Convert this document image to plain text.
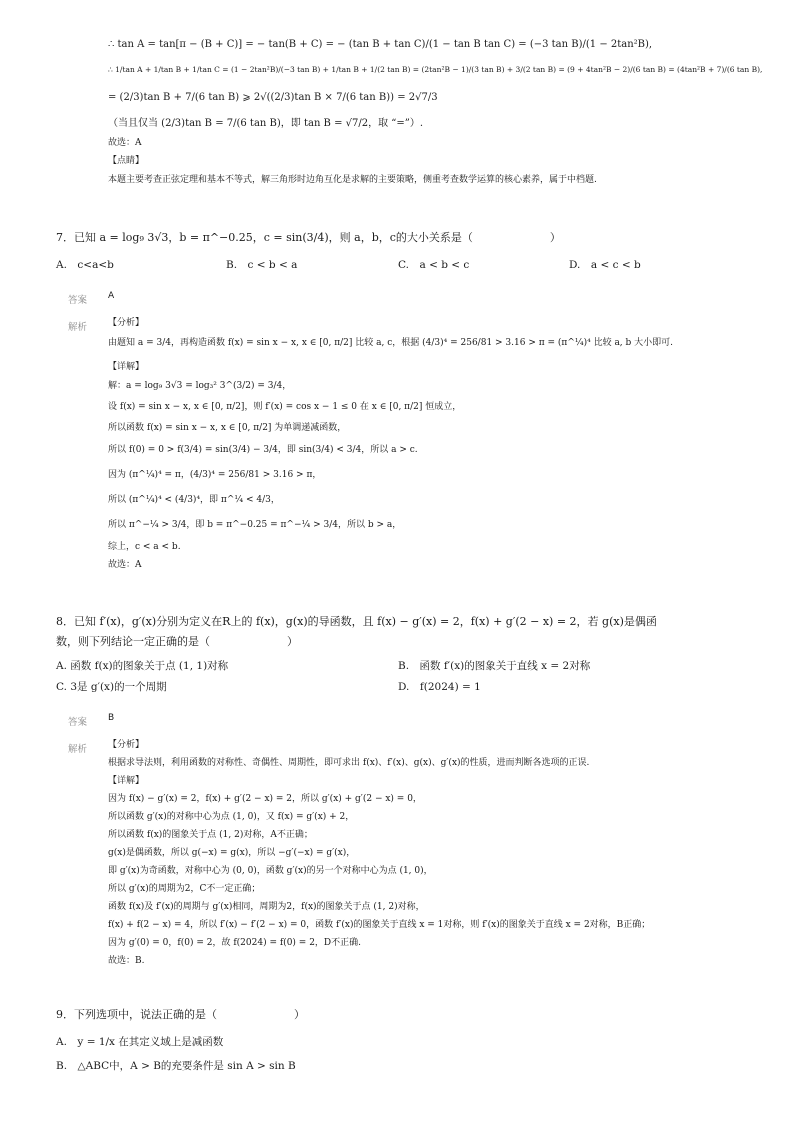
∴ tan A = tan[π − (B + C)] = − tan(B + C) = − (tan B + tan C)/(1 − tan B tan C) = (−3 tan B)/(1 − 2tan²B),
∴ 1/tan A + 1/tan B + 1/tan C = (1 − 2tan²B)/(−3 tan B) + 1/tan B + 1/(2 tan B) = (2tan²B − 1)/(3 tan B) + 3/(2 tan B) = (9 + 4tan²B − 2)/(6 tan B) = (4tan²B + 7)/(6 tan B),
= (2/3)tan B + 7/(6 tan B) ⩾ 2√((2/3)tan B × 7/(6 tan B)) = 2√7/3
（当且仅当 (2/3)tan B = 7/(6 tan B)，即 tan B = √7/2，取 “=”）.
故选：A
【点睛】
本题主要考查正弦定理和基本不等式，解三角形时边角互化是求解的主要策略，侧重考查数学运算的核心素养，属于中档题.
7．已知 a = log₉ 3√3，b = π^−0.25，c = sin(3/4)，则 a，b，c的大小关系是（　　　　　　　）
A.　c<a<b	B.　c < b < a	C.　a < b < c	D.　a < c < b
答案 A
解析 【分析】
由题知 a = 3/4，再构造函数 f(x) = sin x − x, x ∈ [0, π/2] 比较 a, c，根据 (4/3)⁴ = 256/81 > 3.16 > π = (π^¼)⁴ 比较 a, b 大小即可.
【详解】
解：a = log₉ 3√3 = log₃² 3^(3/2) = 3/4，
设 f(x) = sin x − x, x ∈ [0, π/2]，则 f′(x) = cos x − 1 ≤ 0 在 x ∈ [0, π/2] 恒成立，
所以函数 f(x) = sin x − x, x ∈ [0, π/2] 为单调递减函数，
所以 f(0) = 0 > f(3/4) = sin(3/4) − 3/4，即 sin(3/4) < 3/4，所以 a > c.
因为 (π^¼)⁴ = π，(4/3)⁴ = 256/81 > 3.16 > π，
所以 (π^¼)⁴ < (4/3)⁴，即 π^¼ < 4/3，
所以 π^−¼ > 3/4，即 b = π^−0.25 = π^−¼ > 3/4，所以 b > a，
综上，c < a < b.
故选：A
8．已知 f′(x)，g′(x)分别为定义在R上的 f(x)，g(x)的导函数，且 f(x) − g′(x) = 2，f(x) + g′(2 − x) = 2，若 g(x)是偶函
数，则下列结论一定正确的是（　　　　　　　）
A. 函数 f(x)的图象关于点 (1, 1)对称	B.　函数 f′(x)的图象关于直线 x = 2对称
C. 3是 g′(x)的一个周期	D.　f(2024) = 1
答案 B
解析 【分析】
根据求导法则，利用函数的对称性、奇偶性、周期性，即可求出 f(x)、f′(x)、g(x)、g′(x)的性质，进而判断各选项的正误.
【详解】
因为 f(x) − g′(x) = 2，f(x) + g′(2 − x) = 2，所以 g′(x) + g′(2 − x) = 0，
所以函数 g′(x)的对称中心为点 (1, 0)，又 f(x) = g′(x) + 2，
所以函数 f(x)的图象关于点 (1, 2)对称，A不正确；
g(x)是偶函数，所以 g(−x) = g(x)，所以 −g′(−x) = g′(x)，
即 g′(x)为奇函数，对称中心为 (0, 0)，函数 g′(x)的另一个对称中心为点 (1, 0)，
所以 g′(x)的周期为2，C不一定正确；
函数 f(x)及 f′(x)的周期与 g′(x)相同，周期为2，f(x)的图象关于点 (1, 2)对称，
f(x) + f(2 − x) = 4，所以 f′(x) − f′(2 − x) = 0，函数 f′(x)的图象关于直线 x = 1对称，则 f′(x)的图象关于直线 x = 2对称，B正确；
因为 g′(0) = 0，f(0) = 2，故 f(2024) = f(0) = 2，D不正确.
故选：B.
9．下列选项中，说法正确的是（　　　　　　　）
A.　y = 1/x 在其定义域上是减函数
B.　△ABC中，A > B的充要条件是 sin A > sin B
